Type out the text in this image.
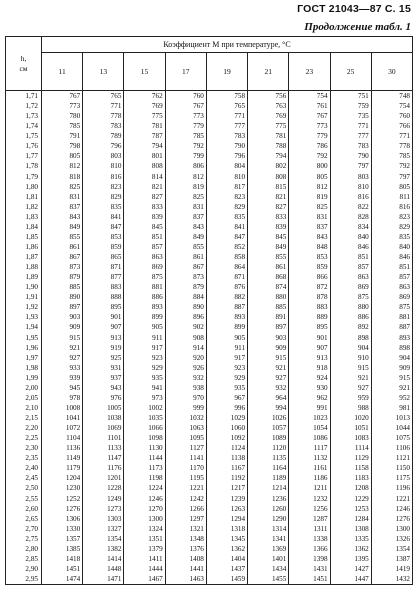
ГОСТ 21043—87 С. 15
Продолжение табл. 1
h,
см	Коэффициент M при температуре, °C								
	11	13	15	17	19	21	23	25	30
1,71	767	765	762	760	758	756	754	751	748
1,72	773	771	769	767	765	763	761	759	754
1,73	780	778	775	773	771	769	767	735	760
1,74	785	783	781	779	777	775	773	771	766
1,75	791	789	787	785	783	781	779	777	771
1,76	798	796	794	792	790	788	786	783	778
1,77	805	803	801	799	796	794	792	790	785
1,78	812	810	808	806	804	802	800	797	792
1,79	818	816	814	812	810	808	805	803	797
1,80	825	823	821	819	817	815	812	810	805
1,81	831	829	827	825	823	821	819	816	811
1,82	837	835	833	831	829	827	825	822	816
1,83	843	841	839	837	835	833	831	828	823
1,84	849	847	845	843	841	839	837	834	829
1,85	855	853	851	849	847	845	843	840	835
1,86	861	859	857	855	852	849	848	846	840
1,87	867	865	863	861	858	855	853	851	846
1,88	873	871	869	867	864	861	859	857	851
1,89	879	877	875	873	871	868	866	863	857
1,90	885	883	881	879	876	874	872	869	863
1,91	890	888	886	884	882	880	878	875	869
1,92	897	895	893	890	887	885	883	880	875
1,93	903	901	899	896	893	891	889	886	881
1,94	909	907	905	902	899	897	895	892	887
1,95	915	913	911	908	905	903	901	898	893
1,96	921	919	917	914	911	909	907	904	898
1,97	927	925	923	920	917	915	913	910	904
1,98	933	931	929	926	923	921	918	915	909
1,99	939	937	935	932	929	927	924	921	915
2,00	945	943	941	938	935	932	930	927	921
2,05	978	976	973	970	967	964	962	959	952
2,10	1008	1005	1002	999	996	994	991	988	981
2,15	1041	1038	1035	1032	1029	1026	1023	1020	1013
2,20	1072	1069	1066	1063	1060	1057	1054	1051	1044
2,25	1104	1101	1098	1095	1092	1089	1086	1083	1075
2,30	1136	1133	1130	1127	1124	1120	1117	1114	1106
2,35	1149	1147	1144	1141	1138	1135	1132	1129	1121
2,40	1179	1176	1173	1170	1167	1164	1161	1158	1150
2,45	1204	1201	1198	1195	1192	1189	1186	1183	1175
2,50	1230	1228	1224	1221	1217	1214	1211	1208	1196
2,55	1252	1249	1246	1242	1239	1236	1232	1229	1221
2,60	1276	1273	1270	1266	1263	1260	1256	1253	1246
2,65	1306	1303	1300	1297	1294	1290	1287	1284	1276
2,70	1330	1327	1324	1321	1318	1314	1311	1308	1300
2,75	1357	1354	1351	1348	1345	1341	1338	1335	1326
2,80	1385	1382	1379	1376	1362	1369	1366	1362	1354
2,85	1418	1414	1411	1408	1404	1401	1398	1395	1387
2,90	1451	1448	1444	1441	1437	1434	1431	1427	1419
2,95	1474	1471	1467	1463	1459	1455	1451	1447	1432
